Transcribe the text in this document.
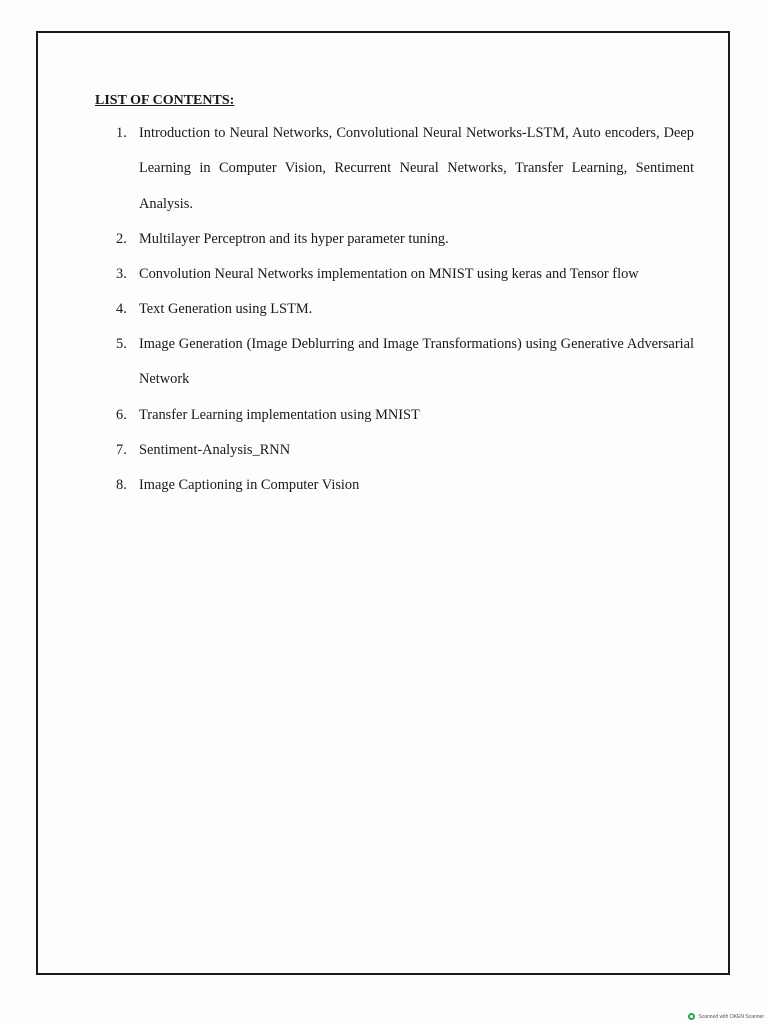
LIST OF CONTENTS:
1. Introduction to Neural Networks, Convolutional Neural Networks-LSTM, Auto encoders, Deep Learning in Computer Vision, Recurrent Neural Networks, Transfer Learning, Sentiment Analysis.
2. Multilayer Perceptron and its hyper parameter tuning.
3. Convolution Neural Networks implementation on MNIST using keras and Tensor flow
4. Text Generation using LSTM.
5. Image Generation (Image Deblurring and Image Transformations) using Generative Adversarial Network
6. Transfer Learning implementation using MNIST
7. Sentiment-Analysis_RNN
8. Image Captioning in Computer Vision
Scanned with OKEN Scanner
